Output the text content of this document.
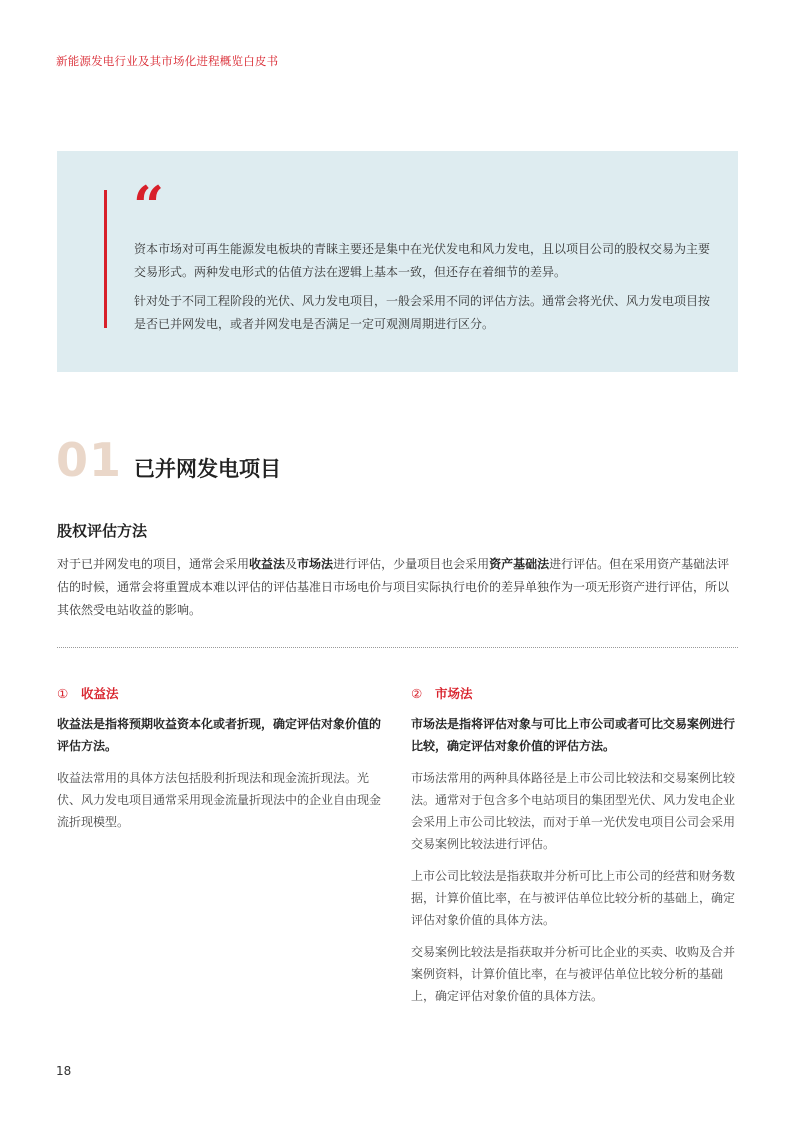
新能源发电行业及其市场化进程概览白皮书
“

资本市场对可再生能源发电板块的青睐主要还是集中在光伏发电和风力发电，且以项目公司的股权交易为主要交易形式。两种发电形式的估值方法在逻辑上基本一致，但还存在着细节的差异。

针对处于不同工程阶段的光伏、风力发电项目，一般会采用不同的评估方法。通常会将光伏、风力发电项目按是否已并网发电，或者并网发电是否满足一定可观测周期进行区分。

01 已并网发电项目
股权评估方法

对于已并网发电的项目，通常会采用收益法及市场法进行评估，少量项目也会采用资产基础法进行评估。但在采用资产基础法评估的时候，通常会将重置成本难以评估的评估基准日市场电价与项目实际执行电价的差异单独作为一项无形资产进行评估，所以其依然受电站收益的影响。

① 收益法

收益法是指将预期收益资本化或者折现，确定评估对象价值的评估方法。

收益法常用的具体方法包括股利折现法和现金流折现法。光伏、风力发电项目通常采用现金流量折现法中的企业自由现金流折现模型。

② 市场法

市场法是指将评估对象与可比上市公司或者可比交易案例进行比较，确定评估对象价值的评估方法。

市场法常用的两种具体路径是上市公司比较法和交易案例比较法。通常对于包含多个电站项目的集团型光伏、风力发电企业会采用上市公司比较法，而对于单一光伏发电项目公司会采用交易案例比较法进行评估。

上市公司比较法是指获取并分析可比上市公司的经营和财务数据，计算价值比率，在与被评估单位比较分析的基础上，确定评估对象价值的具体方法。

交易案例比较法是指获取并分析可比企业的买卖、收购及合并案例资料，计算价值比率，在与被评估单位比较分析的基础上，确定评估对象价值的具体方法。

18
